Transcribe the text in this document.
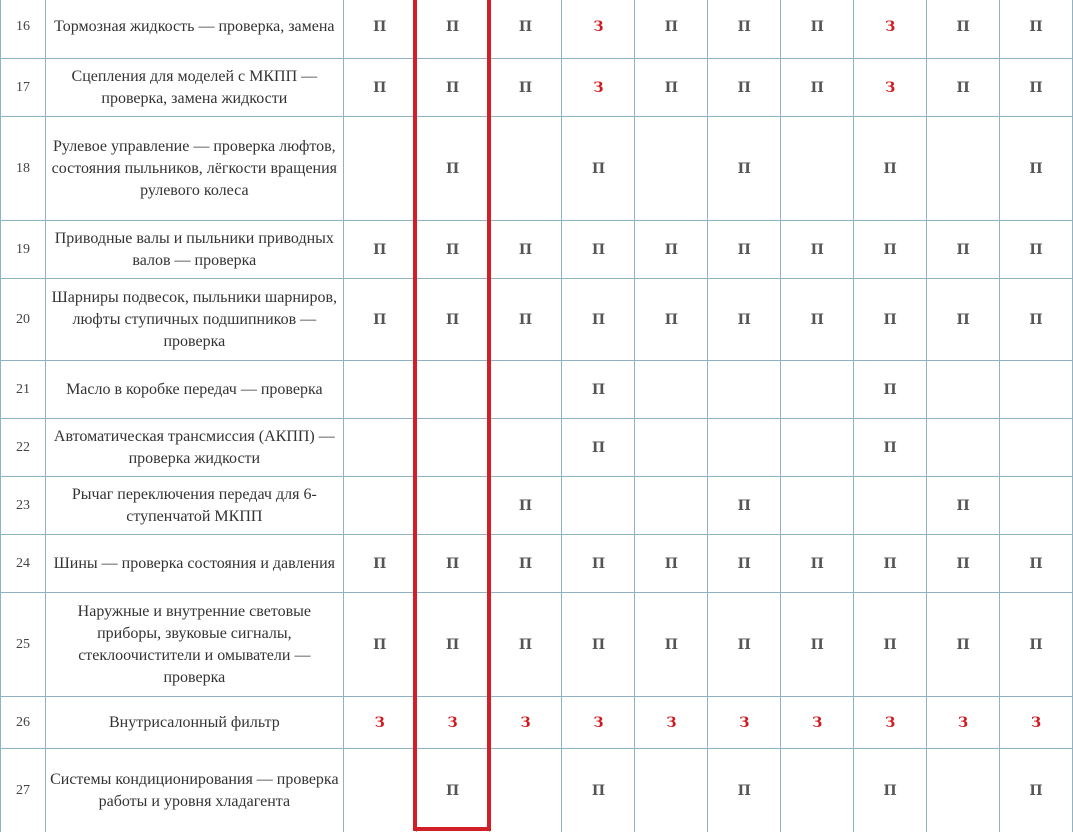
16	Тормозная жидкость — проверка, замена	П	П	П	З	П	П	П	З	П	П
17	Сцепления для моделей с МКПП — проверка, замена жидкости	П	П	П	З	П	П	П	З	П	П
18	Рулевое управление — проверка люфтов, состояния пыльников, лёгкости вращения рулевого колеса		П		П		П		П		П
19	Приводные валы и пыльники приводных валов — проверка	П	П	П	П	П	П	П	П	П	П
20	Шарниры подвесок, пыльники шарниров, люфты ступичных подшипников — проверка	П	П	П	П	П	П	П	П	П	П
21	Масло в коробке передач — проверка				П				П		
22	Автоматическая трансмиссия (АКПП) — проверка жидкости				П				П		
23	Рычаг переключения передач для 6-ступенчатой МКПП			П			П			П	
24	Шины — проверка состояния и давления	П	П	П	П	П	П	П	П	П	П
25	Наружные и внутренние световые приборы, звуковые сигналы, стеклоочистители и омыватели — проверка	П	П	П	П	П	П	П	П	П	П
26	Внутрисалонный фильтр	З	З	З	З	З	З	З	З	З	З
27	Системы кондиционирования — проверка работы и уровня хладагента		П		П		П		П		П
